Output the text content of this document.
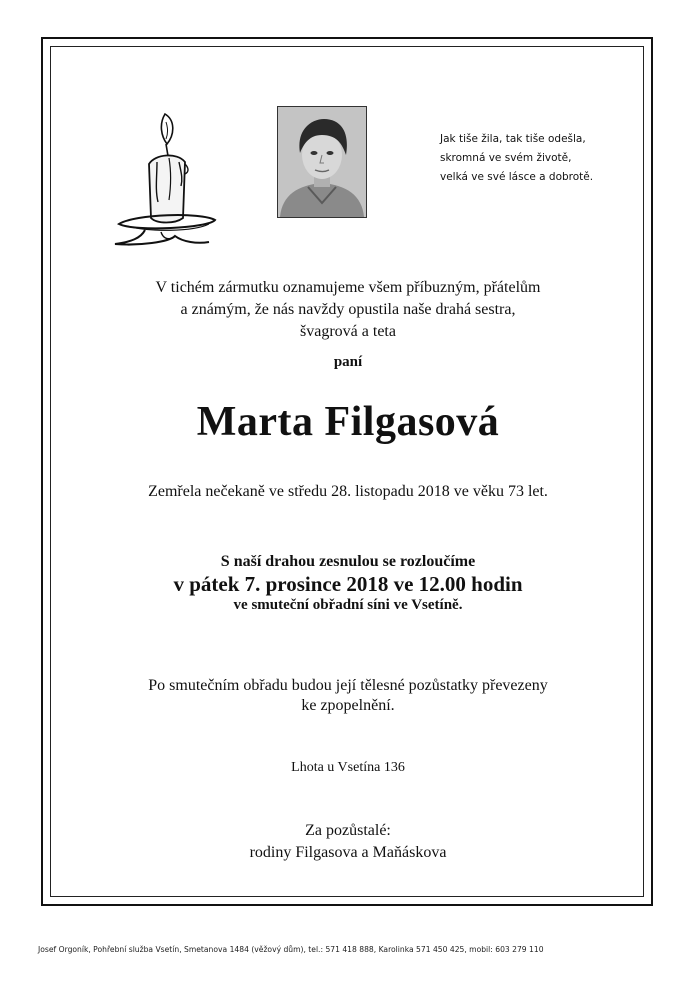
Jak tiše žila, tak tiše odešla,
skromná ve svém životě,
velká ve své lásce a dobrotě.
V tichém zármutku oznamujeme všem příbuzným, přátelům
a známým, že nás navždy opustila naše drahá sestra,
švagrová a teta
paní
Marta Filgasová
Zemřela nečekaně ve středu 28. listopadu 2018 ve věku 73 let.
S naší drahou zesnulou se rozloučíme
v pátek 7. prosince 2018 ve 12.00 hodin
ve smuteční obřadní síni ve Vsetíně.
Po smutečním obřadu budou její tělesné pozůstatky převezeny
ke zpopelnění.
Lhota u Vsetína 136
Za pozůstalé:
rodiny Filgasova a Maňáskova
Josef Orgoník, Pohřební služba Vsetín, Smetanova 1484 (věžový dům), tel.: 571 418 888, Karolinka 571 450 425, mobil: 603 279 110
